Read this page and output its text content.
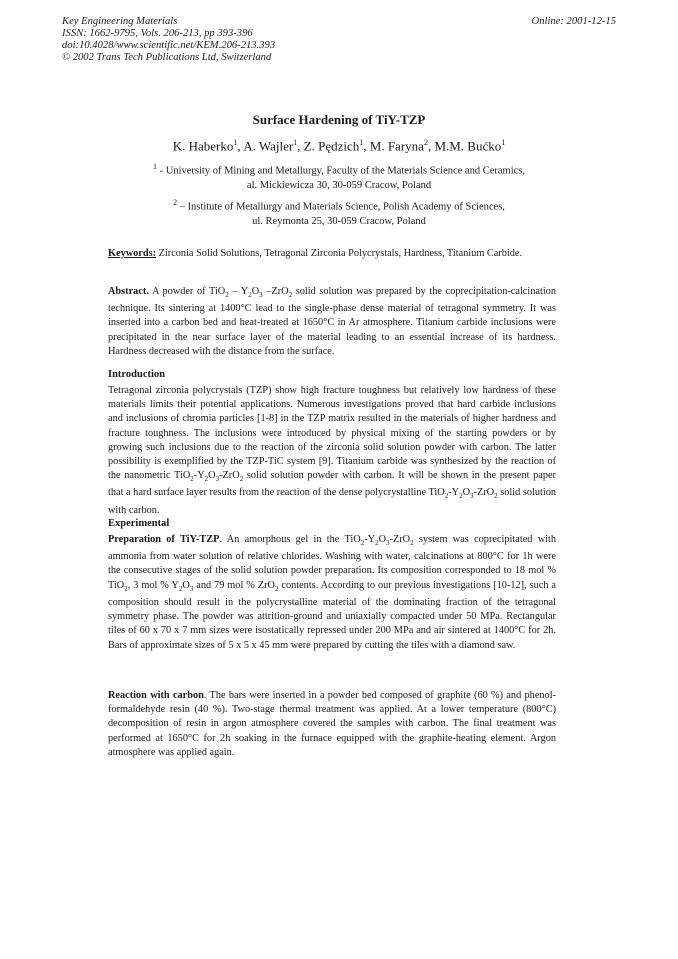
Key Engineering Materials
ISSN: 1662-9795, Vols. 206-213, pp 393-396
doi:10.4028/www.scientific.net/KEM.206-213.393
© 2002 Trans Tech Publications Ltd, Switzerland
Online: 2001-12-15
Surface Hardening of TiY-TZP
K. Haberko$^1$, A. Wajler$^1$, Z. Pędzich$^1$, M. Faryna$^2$, M.M. Bućko$^1$
$^1$ - University of Mining and Metallurgy, Faculty of the Materials Science and Ceramics,
al. Mickiewicza 30, 30-059 Cracow, Poland
$^2$ – Institute of Metallurgy and Materials Science, Polish Academy of Sciences,
ul. Reymonta 25, 30-059 Cracow, Poland
Keywords: Zirconia Solid Solutions, Tetragonal Zirconia Polycrystals, Hardness, Titanium Carbide.
Abstract. A powder of $TiO_2 - Y_2O_3$ –ZrO$_2$ solid solution was prepared by the coprecipitation-calcination technique. Its sintering at 1400°C lead to the single-phase dense material of tetragonal symmetry. It was inserted into a carbon bed and heat-treated at 1650°C in Ar atmosphere. Titanium carbide inclusions were precipitated in the near surface layer of the material leading to an essential increase of its hardness. Hardness decreased with the distance from the surface.
Introduction
Tetragonal zirconia polycrystals (TZP) show high fracture toughness but relatively low hardness of these materials limits their potential applications. Numerous investigations proved that hard carbide inclusions and inclusions of chromia particles [1-8] in the TZP matrix resulted in the materials of higher hardness and fracture toughness. The inclusions were introduced by physical mixing of the starting powders or by growing such inclusions due to the reaction of the zirconia solid solution powder with carbon. The latter possibility is exemplified by the TZP-TiC system [9]. Titanium carbide was synthesized by the reaction of the nanometric $TiO_2-Y_2O_3-ZrO_2$ solid solution powder with carbon. It will be shown in the present paper that a hard surface layer results from the reaction of the dense polycrystalline $TiO_2-Y_2O_3-ZrO_2$ solid solution with carbon.
Experimental
Preparation of TiY-TZP. An amorphous gel in the $TiO_2-Y_2O_3-ZrO_2$ system was coprecipitated with ammonia from water solution of relative chlorides. Washing with water, calcinations at 800°C for 1h were the consecutive stages of the solid solution powder preparation. Its composition corresponded to 18 mol % TiO$_2$, 3 mol % $Y_2O_3$ and 79 mol % ZrO$_2$ contents. According to our previous investigations [10-12], such a composition should result in the polycrystalline material of the dominating fraction of the tetragonal symmetry phase. The powder was attrition-ground and uniaxially compacted under 50 MPa. Rectangular tiles of 60 x 70 x 7 mm sizes were isostatically repressed under 200 MPa and air sintered at 1400°C for 2h. Bars of approximate sizes of 5 x 5 x 45 mm were prepared by cutting the tiles with a diamond saw.
Reaction with carbon. The bars were inserted in a powder bed composed of graphite (60 %) and phenol-formaldehyde resin (40 %). Two-stage thermal treatment was applied. At a lower temperature (800°C) decomposition of resin in argon atmosphere covered the samples with carbon. The final treatment was performed at 1650°C for 2h soaking in the furnace equipped with the graphite-heating element. Argon atmosphere was applied again.
